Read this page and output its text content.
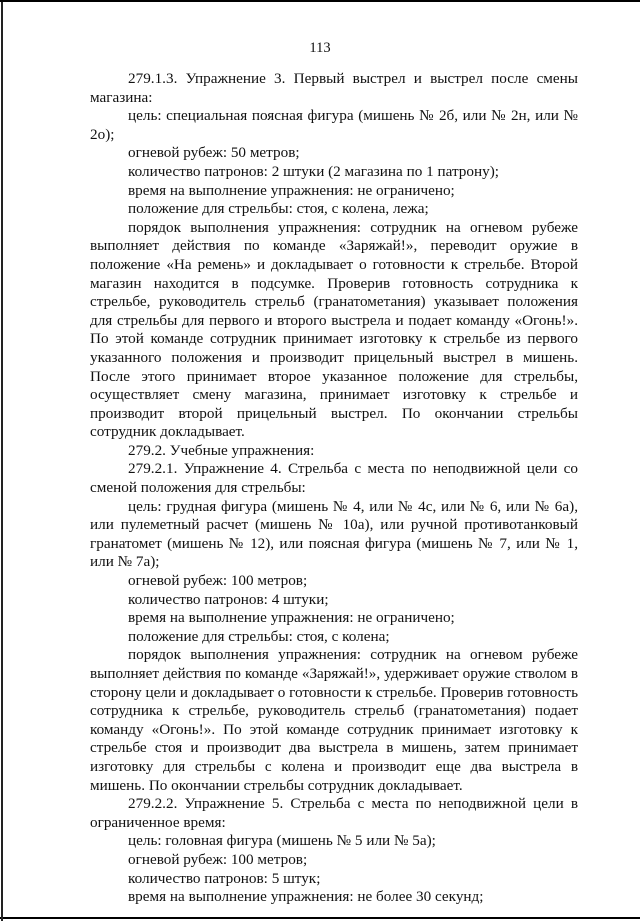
113

279.1.3. Упражнение 3. Первый выстрел и выстрел после смены магазина:

цель: специальная поясная фигура (мишень № 2б, или № 2н, или № 2о);

огневой рубеж: 50 метров;

количество патронов: 2 штуки (2 магазина по 1 патрону);

время на выполнение упражнения: не ограничено;

положение для стрельбы: стоя, с колена, лежа;

порядок выполнения упражнения: сотрудник на огневом рубеже выполняет действия по команде «Заряжай!», переводит оружие в положение «На ремень» и докладывает о готовности к стрельбе. Второй магазин находится в подсумке. Проверив готовность сотрудника к стрельбе, руководитель стрельб (гранатометания) указывает положения для стрельбы для первого и второго выстрела и подает команду «Огонь!». По этой команде сотрудник принимает изготовку к стрельбе из первого указанного положения и производит прицельный выстрел в мишень. После этого принимает второе указанное положение для стрельбы, осуществляет смену магазина, принимает изготовку к стрельбе и производит второй прицельный выстрел. По окончании стрельбы сотрудник докладывает.

279.2. Учебные упражнения:

279.2.1. Упражнение 4. Стрельба с места по неподвижной цели со сменой положения для стрельбы:

цель: грудная фигура (мишень № 4, или № 4с, или № 6, или № 6а), или пулеметный расчет (мишень № 10а), или ручной противотанковый гранатомет (мишень № 12), или поясная фигура (мишень № 7, или № 1, или № 7а);

огневой рубеж: 100 метров;

количество патронов: 4 штуки;

время на выполнение упражнения: не ограничено;

положение для стрельбы: стоя, с колена;

порядок выполнения упражнения: сотрудник на огневом рубеже выполняет действия по команде «Заряжай!», удерживает оружие стволом в сторону цели и докладывает о готовности к стрельбе. Проверив готовность сотрудника к стрельбе, руководитель стрельб (гранатометания) подает команду «Огонь!». По этой команде сотрудник принимает изготовку к стрельбе стоя и производит два выстрела в мишень, затем принимает изготовку для стрельбы с колена и производит еще два выстрела в мишень. По окончании стрельбы сотрудник докладывает.

279.2.2. Упражнение 5. Стрельба с места по неподвижной цели в ограниченное время:

цель: головная фигура (мишень № 5 или № 5а);

огневой рубеж: 100 метров;

количество патронов: 5 штук;

время на выполнение упражнения: не более 30 секунд;
